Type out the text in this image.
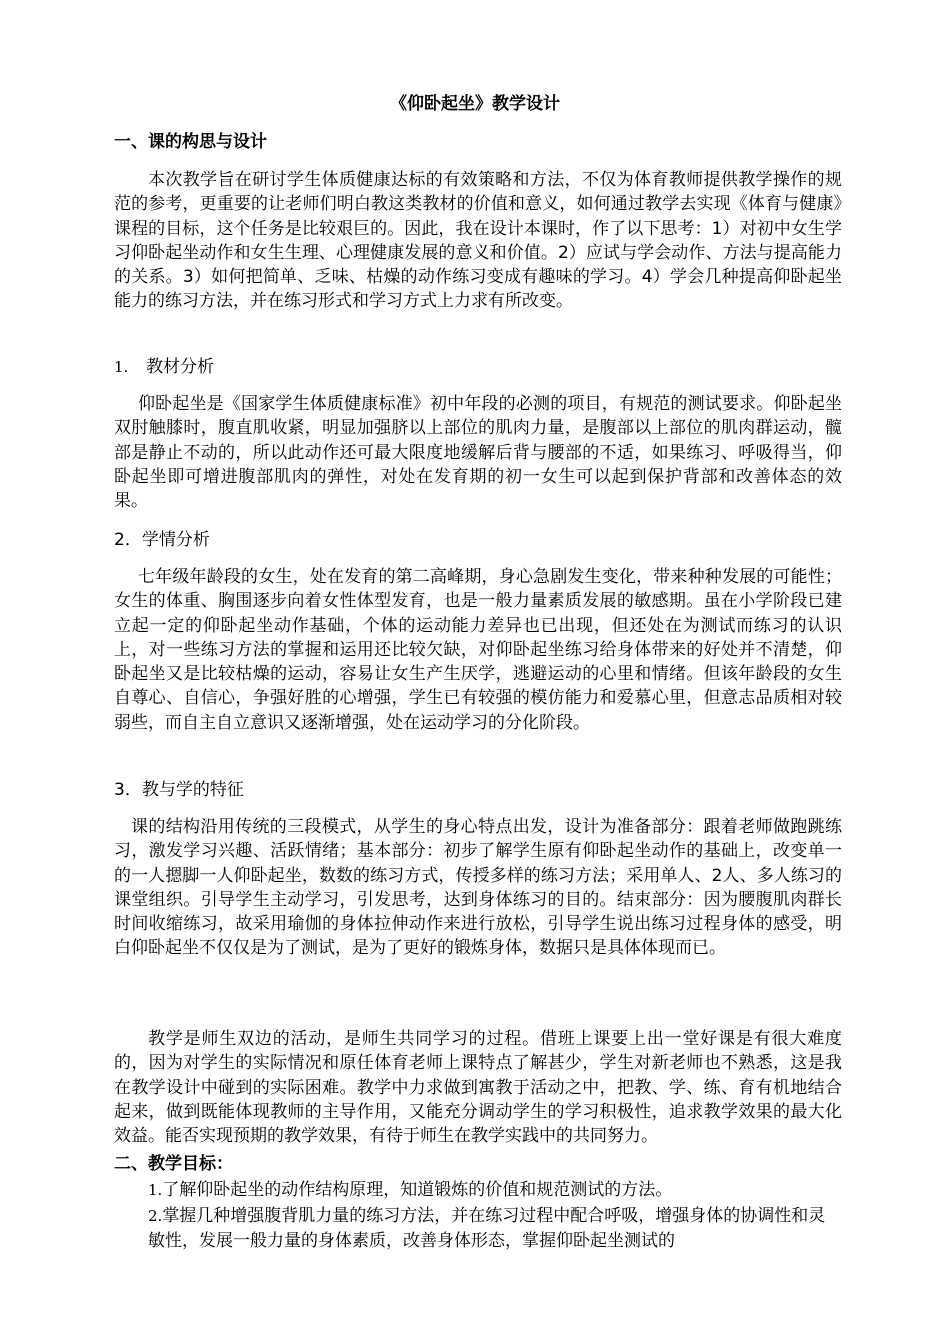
《仰卧起坐》教学设计
一、课的构思与设计
本次教学旨在研讨学生体质健康达标的有效策略和方法，不仅为体育教师提供教学操作的规范的参考，更重要的让老师们明白教这类教材的价值和意义，如何通过教学去实现《体育与健康》课程的目标，这个任务是比较艰巨的。因此，我在设计本课时，作了以下思考：1）对初中女生学习仰卧起坐动作和女生生理、心理健康发展的意义和价值。2）应试与学会动作、方法与提高能力的关系。3）如何把简单、乏味、枯燥的动作练习变成有趣味的学习。4）学会几种提高仰卧起坐能力的练习方法，并在练习形式和学习方式上力求有所改变。
1. 教材分析
仰卧起坐是《国家学生体质健康标准》初中年段的必测的项目，有规范的测试要求。仰卧起坐双肘触膝时，腹直肌收紧，明显加强脐以上部位的肌肉力量，是腹部以上部位的肌肉群运动，髋部是静止不动的，所以此动作还可最大限度地缓解后背与腰部的不适，如果练习、呼吸得当，仰卧起坐即可增进腹部肌肉的弹性，对处在发育期的初一女生可以起到保护背部和改善体态的效果。
2．学情分析
七年级年龄段的女生，处在发育的第二高峰期，身心急剧发生变化，带来种种发展的可能性；女生的体重、胸围逐步向着女性体型发育，也是一般力量素质发展的敏感期。虽在小学阶段已建立起一定的仰卧起坐动作基础，个体的运动能力差异也已出现，但还处在为测试而练习的认识上，对一些练习方法的掌握和运用还比较欠缺，对仰卧起坐练习给身体带来的好处并不清楚，仰卧起坐又是比较枯燥的运动，容易让女生产生厌学，逃避运动的心里和情绪。但该年龄段的女生自尊心、自信心，争强好胜的心增强，学生已有较强的模仿能力和爱慕心里，但意志品质相对较弱些，而自主自立意识又逐渐增强，处在运动学习的分化阶段。
3．教与学的特征
课的结构沿用传统的三段模式，从学生的身心特点出发，设计为准备部分：跟着老师做跑跳练习，激发学习兴趣、活跃情绪；基本部分：初步了解学生原有仰卧起坐动作的基础上，改变单一的一人摁脚一人仰卧起坐，数数的练习方式，传授多样的练习方法；采用单人、2人、多人练习的课堂组织。引导学生主动学习，引发思考，达到身体练习的目的。结束部分：因为腰腹肌肉群长时间收缩练习，故采用瑜伽的身体拉伸动作来进行放松，引导学生说出练习过程身体的感受，明白仰卧起坐不仅仅是为了测试，是为了更好的锻炼身体，数据只是具体体现而已。
教学是师生双边的活动，是师生共同学习的过程。借班上课要上出一堂好课是有很大难度的，因为对学生的实际情况和原任体育老师上课特点了解甚少，学生对新老师也不熟悉，这是我在教学设计中碰到的实际困难。教学中力求做到寓教于活动之中，把教、学、练、育有机地结合起来，做到既能体现教师的主导作用，又能充分调动学生的学习积极性，追求教学效果的最大化效益。能否实现预期的教学效果，有待于师生在教学实践中的共同努力。
二、教学目标：
1.了解仰卧起坐的动作结构原理，知道锻炼的价值和规范测试的方法。
2.掌握几种增强腹背肌力量的练习方法，并在练习过程中配合呼吸，增强身体的协调性和灵敏性，发展一般力量的身体素质，改善身体形态，掌握仰卧起坐测试的
